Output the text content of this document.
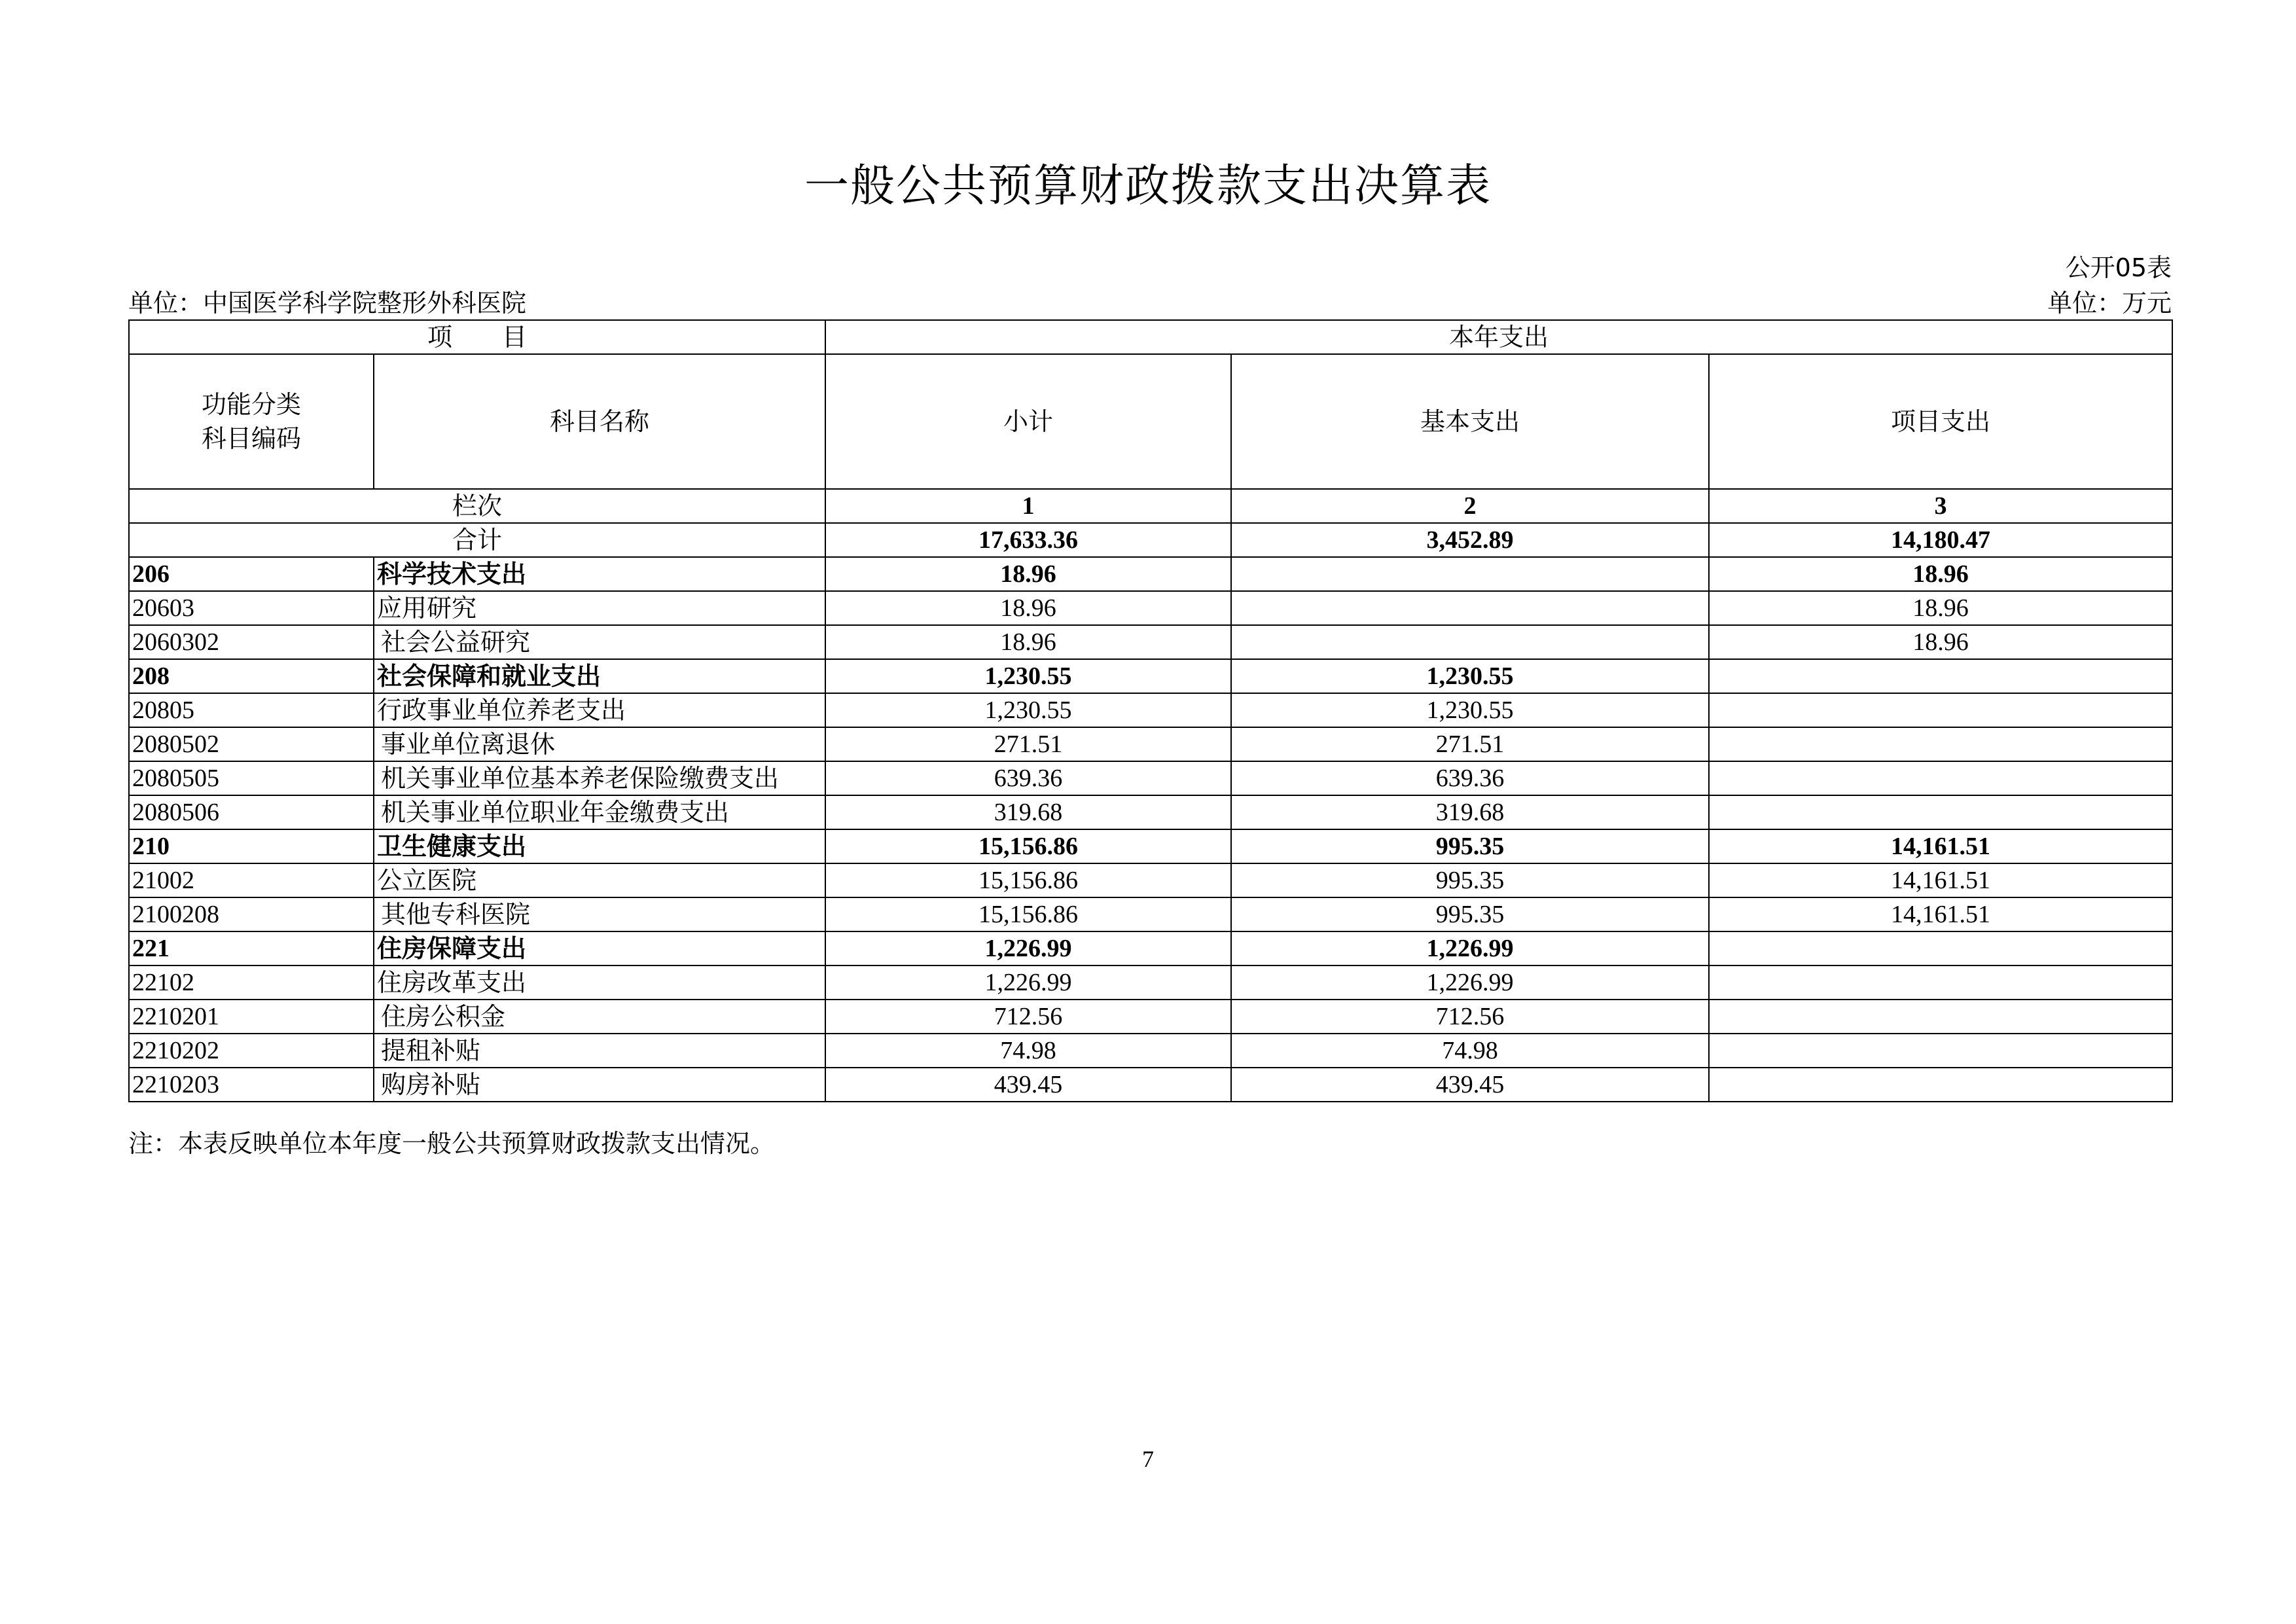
一般公共预算财政拨款支出决算表
公开05表
单位：中国医学科学院整形外科医院	单位：万元
项　　目		本年支出		

功能分类
科目编码	科目名称	小计	基本支出	项目支出
栏次		1	2	3
合计		17,633.36	3,452.89	14,180.47
206	科学技术支出	18.96		18.96
20603	应用研究	18.96		18.96
2060302	社会公益研究	18.96		18.96
208	社会保障和就业支出	1,230.55	1,230.55	
20805	行政事业单位养老支出	1,230.55	1,230.55	
2080502	事业单位离退休	271.51	271.51	
2080505	机关事业单位基本养老保险缴费支出	639.36	639.36	
2080506	机关事业单位职业年金缴费支出	319.68	319.68	
210	卫生健康支出	15,156.86	995.35	14,161.51
21002	公立医院	15,156.86	995.35	14,161.51
2100208	其他专科医院	15,156.86	995.35	14,161.51
221	住房保障支出	1,226.99	1,226.99	
22102	住房改革支出	1,226.99	1,226.99	
2210201	住房公积金	712.56	712.56	
2210202	提租补贴	74.98	74.98	
2210203	购房补贴	439.45	439.45	
注：本表反映单位本年度一般公共预算财政拨款支出情况。
7
